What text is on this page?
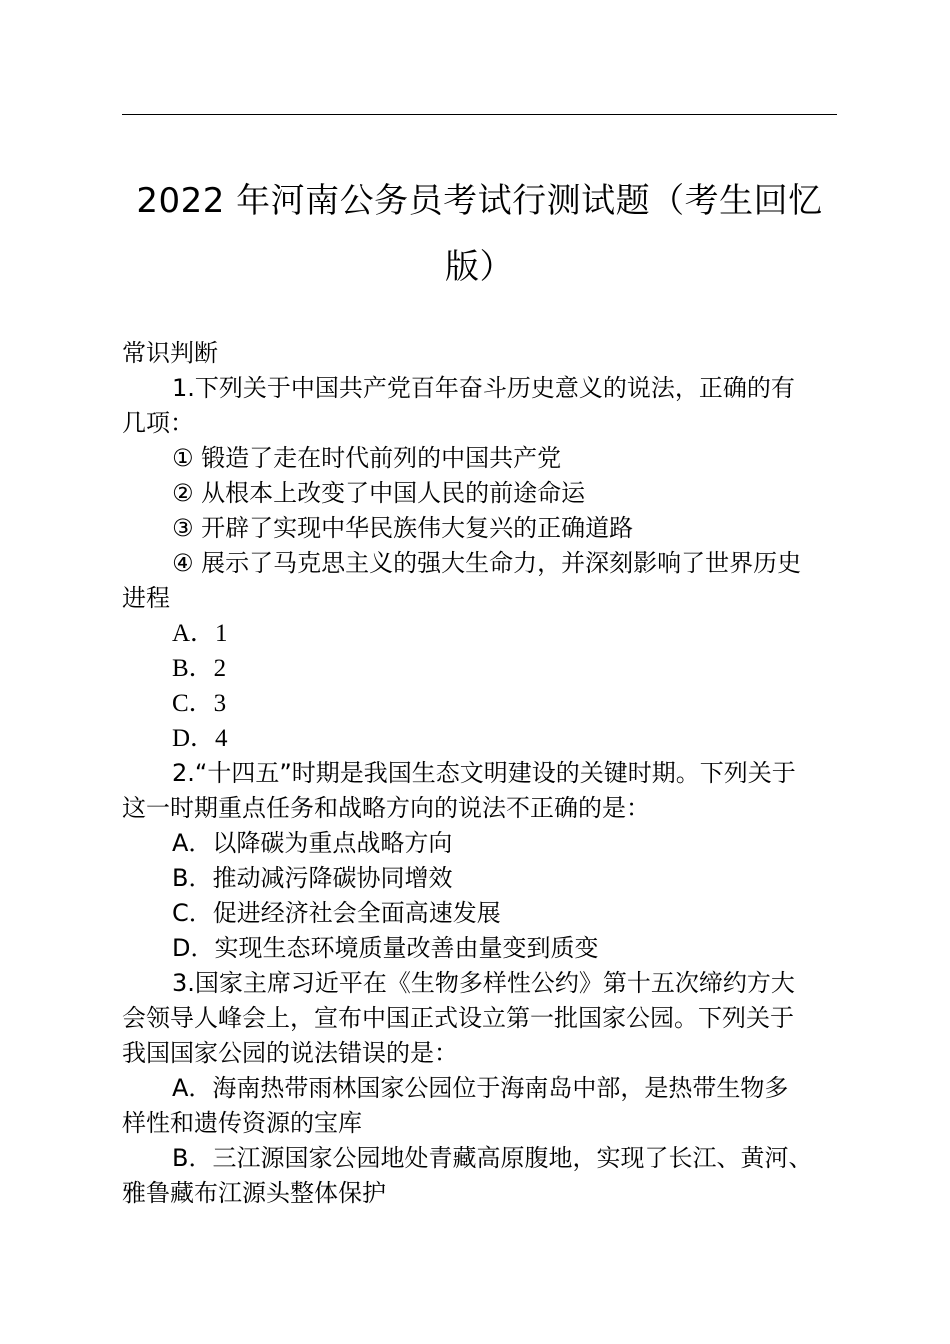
2022 年河南公务员考试行测试题（考生回忆
版）
常识判断
1.下列关于中国共产党百年奋斗历史意义的说法，正确的有
几项：
① 锻造了走在时代前列的中国共产党
② 从根本上改变了中国人民的前途命运
③ 开辟了实现中华民族伟大复兴的正确道路
④ 展示了马克思主义的强大生命力，并深刻影响了世界历史
进程
A．1
B．2
C．3
D．4
2.“十四五”时期是我国生态文明建设的关键时期。下列关于
这一时期重点任务和战略方向的说法不正确的是：
A．以降碳为重点战略方向
B．推动减污降碳协同增效
C．促进经济社会全面高速发展
D．实现生态环境质量改善由量变到质变
3.国家主席习近平在《生物多样性公约》第十五次缔约方大
会领导人峰会上，宣布中国正式设立第一批国家公园。下列关于
我国国家公园的说法错误的是：
A．海南热带雨林国家公园位于海南岛中部，是热带生物多
样性和遗传资源的宝库
B．三江源国家公园地处青藏高原腹地，实现了长江、黄河、
雅鲁藏布江源头整体保护
